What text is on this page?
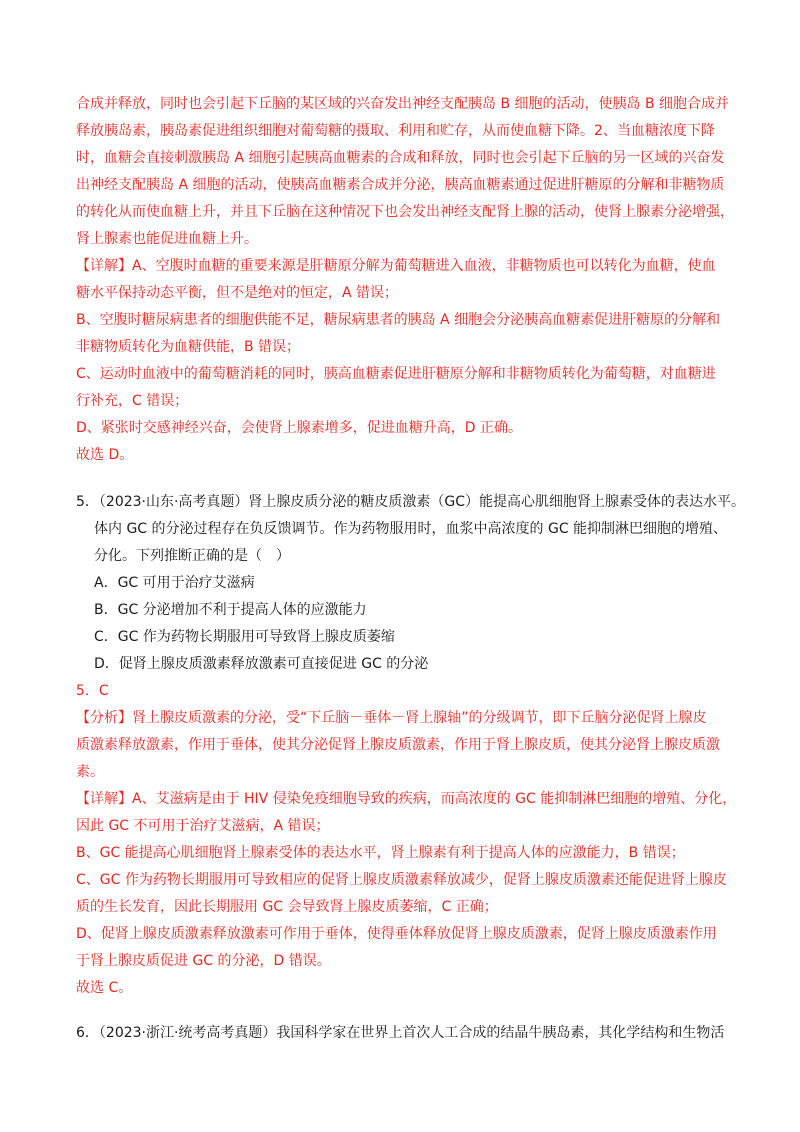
合成并释放，同时也会引起下丘脑的某区域的兴奋发出神经支配胰岛 B 细胞的活动，使胰岛 B 细胞合成并
释放胰岛素，胰岛素促进组织细胞对葡萄糖的摄取、利用和贮存，从而使血糖下降。2、当血糖浓度下降
时，血糖会直接刺激胰岛 A 细胞引起胰高血糖素的合成和释放，同时也会引起下丘脑的另一区域的兴奋发
出神经支配胰岛 A 细胞的活动，使胰高血糖素合成并分泌，胰高血糖素通过促进肝糖原的分解和非糖物质
的转化从而使血糖上升，并且下丘脑在这种情况下也会发出神经支配肾上腺的活动，使肾上腺素分泌增强，
肾上腺素也能促进血糖上升。
【详解】A、空腹时血糖的重要来源是肝糖原分解为葡萄糖进入血液，非糖物质也可以转化为血糖，使血
糖水平保持动态平衡，但不是绝对的恒定，A 错误；
B、空腹时糖尿病患者的细胞供能不足，糖尿病患者的胰岛 A 细胞会分泌胰高血糖素促进肝糖原的分解和
非糖物质转化为血糖供能，B 错误；
C、运动时血液中的葡萄糖消耗的同时，胰高血糖素促进肝糖原分解和非糖物质转化为葡萄糖，对血糖进
行补充，C 错误；
D、紧张时交感神经兴奋，会使肾上腺素增多，促进血糖升高，D 正确。
故选 D。
5．（2023·山东·高考真题）肾上腺皮质分泌的糖皮质激素（GC）能提高心肌细胞肾上腺素受体的表达水平。
体内 GC 的分泌过程存在负反馈调节。作为药物服用时，血浆中高浓度的 GC 能抑制淋巴细胞的增殖、
分化。下列推断正确的是（　）
A．GC 可用于治疗艾滋病
B．GC 分泌增加不利于提高人体的应激能力
C．GC 作为药物长期服用可导致肾上腺皮质萎缩
D．促肾上腺皮质激素释放激素可直接促进 GC 的分泌
5．C
【分析】肾上腺皮质激素的分泌，受“下丘脑－垂体－肾上腺轴”的分级调节，即下丘脑分泌促肾上腺皮
质激素释放激素，作用于垂体，使其分泌促肾上腺皮质激素，作用于肾上腺皮质，使其分泌肾上腺皮质激
素。
【详解】A、艾滋病是由于 HIV 侵染免疫细胞导致的疾病，而高浓度的 GC 能抑制淋巴细胞的增殖、分化，
因此 GC 不可用于治疗艾滋病，A 错误；
B、GC 能提高心肌细胞肾上腺素受体的表达水平，肾上腺素有利于提高人体的应激能力，B 错误；
C、GC 作为药物长期服用可导致相应的促肾上腺皮质激素释放减少，促肾上腺皮质激素还能促进肾上腺皮
质的生长发育，因此长期服用 GC 会导致肾上腺皮质萎缩，C 正确；
D、促肾上腺皮质激素释放激素可作用于垂体，使得垂体释放促肾上腺皮质激素，促肾上腺皮质激素作用
于肾上腺皮质促进 GC 的分泌，D 错误。
故选 C。
6．（2023·浙江·统考高考真题）我国科学家在世界上首次人工合成的结晶牛胰岛素，其化学结构和生物活
